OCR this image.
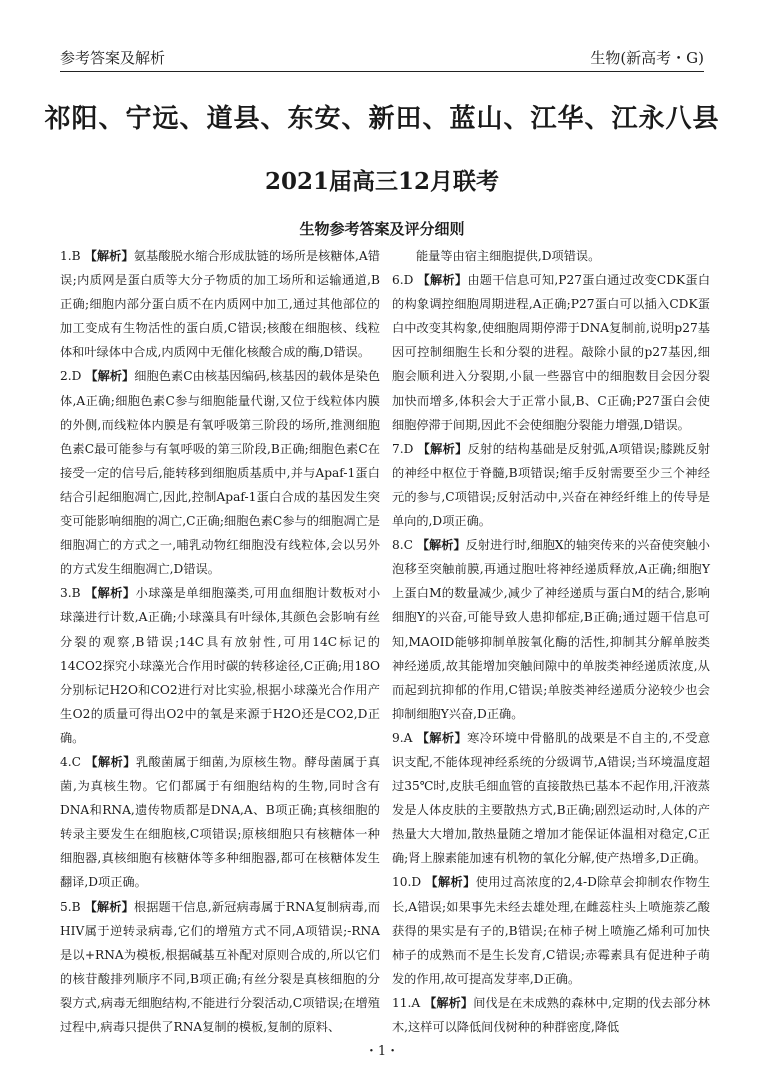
参考答案及解析	生物(新高考・G)
祁阳、宁远、道县、东安、新田、蓝山、江华、江永八县
2021届高三12月联考
生物参考答案及评分细则

1.B 【解析】氨基酸脱水缩合形成肽链的场所是核糖体,A错误;内质网是蛋白质等大分子物质的加工场所和运输通道,B正确;细胞内部分蛋白质不在内质网中加工,通过其他部位的加工变成有生物活性的蛋白质,C错误;核酸在细胞核、线粒体和叶绿体中合成,内质网中无催化核酸合成的酶,D错误。

2.D 【解析】细胞色素C由核基因编码,核基因的载体是染色体,A正确;细胞色素C参与细胞能量代谢,又位于线粒体内膜的外侧,而线粒体内膜是有氧呼吸第三阶段的场所,推测细胞色素C最可能参与有氧呼吸的第三阶段,B正确;细胞色素C在接受一定的信号后,能转移到细胞质基质中,并与Apaf-1蛋白结合引起细胞凋亡,因此,控制Apaf-1蛋白合成的基因发生突变可能影响细胞的凋亡,C正确;细胞色素C参与的细胞凋亡是细胞凋亡的方式之一,哺乳动物红细胞没有线粒体,会以另外的方式发生细胞凋亡,D错误。

3.B 【解析】小球藻是单细胞藻类,可用血细胞计数板对小球藻进行计数,A正确;小球藻具有叶绿体,其颜色会影响有丝分裂的观察,B错误;14C具有放射性,可用14C标记的14CO2探究小球藻光合作用时碳的转移途径,C正确;用18O分别标记H2O和CO2进行对比实验,根据小球藻光合作用产生O2的质量可得出O2中的氧是来源于H2O还是CO2,D正确。

4.C 【解析】乳酸菌属于细菌,为原核生物。酵母菌属于真菌,为真核生物。它们都属于有细胞结构的生物,同时含有DNA和RNA,遗传物质都是DNA,A、B项正确;真核细胞的转录主要发生在细胞核,C项错误;原核细胞只有核糖体一种细胞器,真核细胞有核糖体等多种细胞器,都可在核糖体发生翻译,D项正确。

5.B 【解析】根据题干信息,新冠病毒属于RNA复制病毒,而HIV属于逆转录病毒,它们的增殖方式不同,A项错误;-RNA是以+RNA为模板,根据碱基互补配对原则合成的,所以它们的核苷酸排列顺序不同,B项正确;有丝分裂是真核细胞的分裂方式,病毒无细胞结构,不能进行分裂活动,C项错误;在增殖过程中,病毒只提供了RNA复制的模板,复制的原料、

能量等由宿主细胞提供,D项错误。

6.D 【解析】由题干信息可知,P27蛋白通过改变CDK蛋白的构象调控细胞周期进程,A正确;P27蛋白可以插入CDK蛋白中改变其构象,使细胞周期停滞于DNA复制前,说明p27基因可控制细胞生长和分裂的进程。敲除小鼠的p27基因,细胞会顺利进入分裂期,小鼠一些器官中的细胞数目会因分裂加快而增多,体积会大于正常小鼠,B、C正确;P27蛋白会使细胞停滞于间期,因此不会使细胞分裂能力增强,D错误。

7.D 【解析】反射的结构基础是反射弧,A项错误;膝跳反射的神经中枢位于脊髓,B项错误;缩手反射需要至少三个神经元的参与,C项错误;反射活动中,兴奋在神经纤维上的传导是单向的,D项正确。

8.C 【解析】反射进行时,细胞X的轴突传来的兴奋使突触小泡移至突触前膜,再通过胞吐将神经递质释放,A正确;细胞Y上蛋白M的数量减少,减少了神经递质与蛋白M的结合,影响细胞Y的兴奋,可能导致人患抑郁症,B正确;通过题干信息可知,MAOID能够抑制单胺氧化酶的活性,抑制其分解单胺类神经递质,故其能增加突触间隙中的单胺类神经递质浓度,从而起到抗抑郁的作用,C错误;单胺类神经递质分泌较少也会抑制细胞Y兴奋,D正确。

9.A 【解析】寒冷环境中骨骼肌的战栗是不自主的,不受意识支配,不能体现神经系统的分级调节,A错误;当环境温度超过35℃时,皮肤毛细血管的直接散热已基本不起作用,汗液蒸发是人体皮肤的主要散热方式,B正确;剧烈运动时,人体的产热量大大增加,散热量随之增加才能保证体温相对稳定,C正确;肾上腺素能加速有机物的氧化分解,使产热增多,D正确。

10.D 【解析】使用过高浓度的2,4-D除草会抑制农作物生长,A错误;如果事先未经去雄处理,在雌蕊柱头上喷施萘乙酸获得的果实是有子的,B错误;在柿子树上喷施乙烯利可加快柿子的成熟而不是生长发育,C错误;赤霉素具有促进种子萌发的作用,故可提高发芽率,D正确。

11.A 【解析】间伐是在未成熟的森林中,定期的伐去部分林木,这样可以降低间伐树种的种群密度,降低

・1・
